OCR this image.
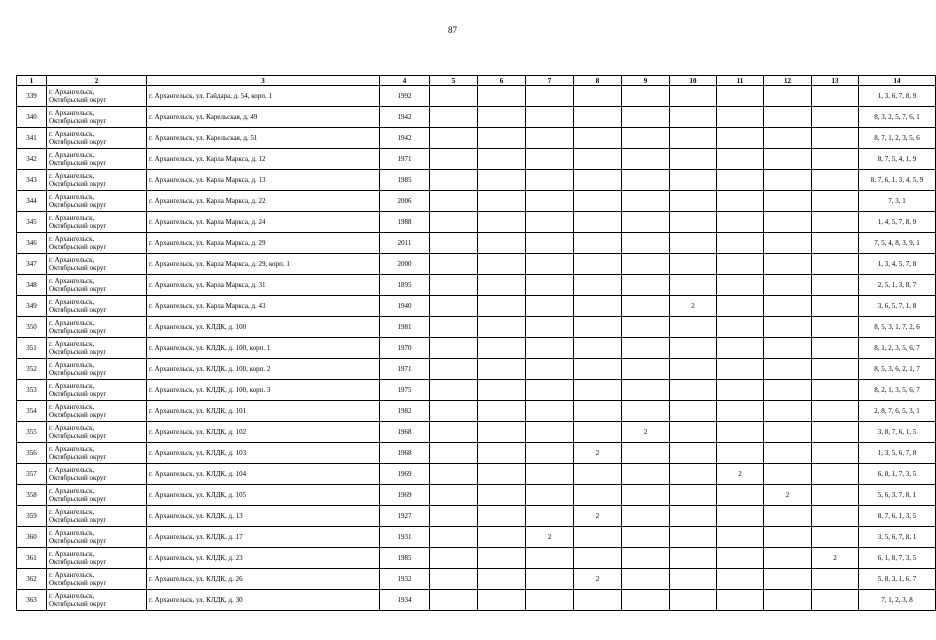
87
1	2	3	4	5	6	7	8	9	10	11	12	13	14
339	г. Архангельск,
Октябрьский округ	г. Архангельск, ул. Гайдара, д. 54, корп. 1	1992										1, 3, 6, 7, 8, 9
340	г. Архангельск,
Октябрьский округ	г. Архангельск, ул. Карельская, д. 49	1942										8, 3, 2, 5, 7, 6, 1
341	г. Архангельск,
Октябрьский округ	г. Архангельск, ул. Карельская, д. 51	1942										8, 7, 1, 2, 3, 5, 6
342	г. Архангельск,
Октябрьский округ	г. Архангельск, ул. Карла Маркса, д. 12	1971										8, 7, 5, 4, 1, 9
343	г. Архангельск,
Октябрьский округ	г. Архангельск, ул. Карла Маркса, д. 13	1985										8, 7, 6, 1, 3, 4, 5, 9
344	г. Архангельск,
Октябрьский округ	г. Архангельск, ул. Карла Маркса, д. 22	2006										7, 3, 1
345	г. Архангельск,
Октябрьский округ	г. Архангельск, ул. Карла Маркса, д. 24	1988										1, 4, 5, 7, 8, 9
346	г. Архангельск,
Октябрьский округ	г. Архангельск, ул. Карла Маркса, д. 29	2011										7, 5, 4, 8, 3, 9, 1
347	г. Архангельск,
Октябрьский округ	г. Архангельск, ул. Карла Маркса, д. 29, корп. 1	2000										1, 3, 4, 5, 7, 8
348	г. Архангельск,
Октябрьский округ	г. Архангельск, ул. Карла Маркса, д. 31	1895										2, 5, 1, 3, 8, 7
349	г. Архангельск,
Октябрьский округ	г. Архангельск, ул. Карла Маркса, д. 43	1940						2				3, 6, 5, 7, 1, 8
350	г. Архангельск,
Октябрьский округ	г. Архангельск, ул. КЛДК, д. 100	1981										8, 5, 3, 1, 7, 2, 6
351	г. Архангельск,
Октябрьский округ	г. Архангельск, ул. КЛДК, д. 100, корп. 1	1970										8, 1, 2, 3, 5, 6, 7
352	г. Архангельск,
Октябрьский округ	г. Архангельск, ул. КЛДК, д. 100, корп. 2	1971										8, 5, 3, 6, 2, 1, 7
353	г. Архангельск,
Октябрьский округ	г. Архангельск, ул. КЛДК, д. 100, корп. 3	1975										8, 2, 1, 3, 5, 6, 7
354	г. Архангельск,
Октябрьский округ	г. Архангельск, ул. КЛДК, д. 101	1982										2, 8, 7, 6, 5, 3, 1
355	г. Архангельск,
Октябрьский округ	г. Архангельск, ул. КЛДК, д. 102	1968					2					3, 8, 7, 6, 1, 5
356	г. Архангельск,
Октябрьский округ	г. Архангельск, ул. КЛДК, д. 103	1968				2						1, 3, 5, 6, 7, 8
357	г. Архангельск,
Октябрьский округ	г. Архангельск, ул. КЛДК, д. 104	1969							2			6, 8, 1, 7, 3, 5
358	г. Архангельск,
Октябрьский округ	г. Архангельск, ул. КЛДК, д. 105	1969								2		5, 6, 3, 7, 8, 1
359	г. Архангельск,
Октябрьский округ	г. Архангельск, ул. КЛДК, д. 13	1927				2						8, 7, 6, 1, 3, 5
360	г. Архангельск,
Октябрьский округ	г. Архангельск, ул. КЛДК, д. 17	1931			2							3, 5, 6, 7, 8, 1
361	г. Архангельск,
Октябрьский округ	г. Архангельск, ул. КЛДК, д. 23	1985									2	6, 1, 8, 7, 3, 5
362	г. Архангельск,
Октябрьский округ	г. Архангельск, ул. КЛДК, д. 26	1932				2						5, 8, 3, 1, 6, 7
363	г. Архангельск,
Октябрьский округ	г. Архангельск, ул. КЛДК, д. 30	1934										7, 1, 2, 3, 8
